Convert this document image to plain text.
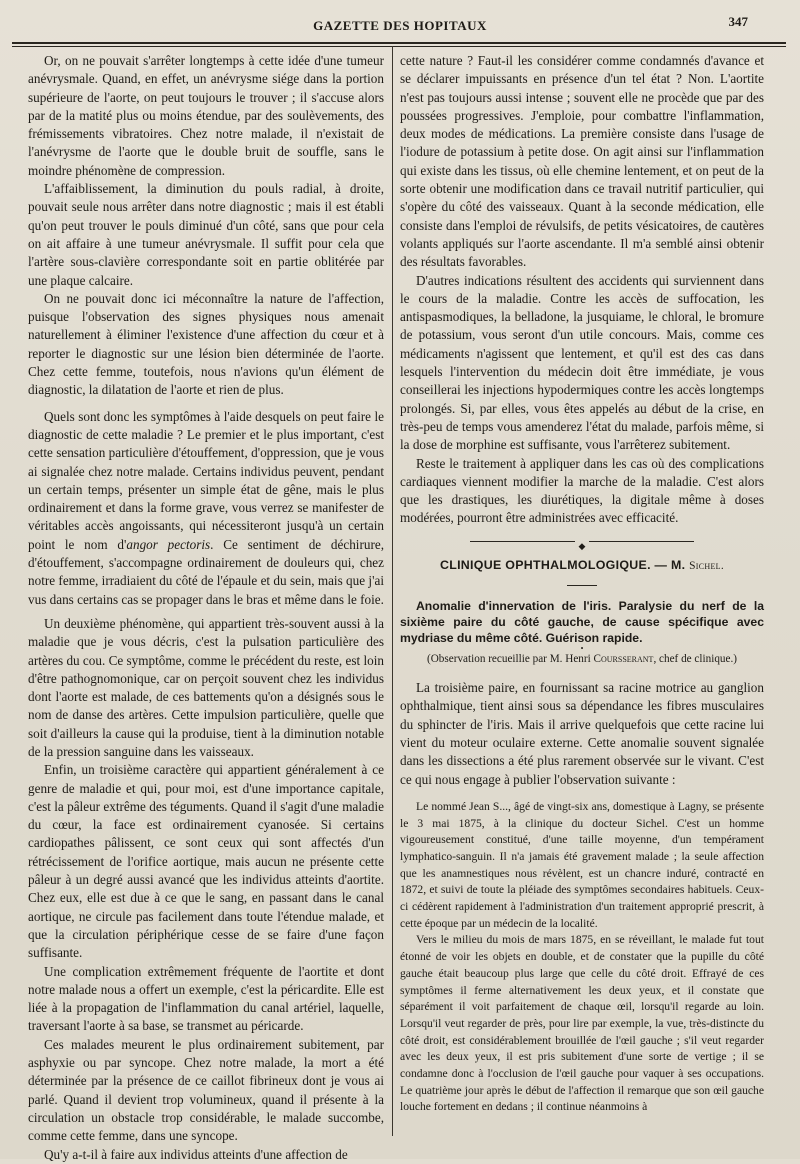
GAZETTE DES HOPITAUX	347

Or, on ne pouvait s'arrêter longtemps à cette idée d'une tumeur anévrysmale. Quand, en effet, un anévrysme siége dans la portion supérieure de l'aorte, on peut toujours le trouver ; il s'accuse alors par de la matité plus ou moins étendue, par des soulèvements, des frémissements vibratoires. Chez notre malade, il n'existait de l'anévrysme de l'aorte que le double bruit de souffle, sans le moindre phénomène de compression.

L'affaiblissement, la diminution du pouls radial, à droite, pouvait seule nous arrêter dans notre diagnostic ; mais il est établi qu'on peut trouver le pouls diminué d'un côté, sans que pour cela on ait affaire à une tumeur anévrysmale. Il suffit pour cela que l'artère sous-clavière correspondante soit en partie oblitérée par une plaque calcaire.

On ne pouvait donc ici méconnaître la nature de l'affection, puisque l'observation des signes physiques nous amenait naturellement à éliminer l'existence d'une affection du cœur et à reporter le diagnostic sur une lésion bien déterminée de l'aorte. Chez cette femme, toutefois, nous n'avions qu'un élément de diagnostic, la dilatation de l'aorte et rien de plus.

Quels sont donc les symptômes à l'aide desquels on peut faire le diagnostic de cette maladie ? Le premier et le plus important, c'est cette sensation particulière d'étouffement, d'oppression, que je vous ai signalée chez notre malade. Certains individus peuvent, pendant un certain temps, présenter un simple état de gêne, mais le plus ordinairement et dans la forme grave, vous verrez se manifester de véritables accès angoissants, qui nécessiteront jusqu'à un certain point le nom d'angor pectoris. Ce sentiment de déchirure, d'étouffement, s'accompagne ordinairement de douleurs qui, chez notre femme, irradiaient du côté de l'épaule et du sein, mais que j'ai vus dans certains cas se propager dans le bras et même dans le foie.

Un deuxième phénomène, qui appartient très-souvent aussi à la maladie que je vous décris, c'est la pulsation particulière des artères du cou. Ce symptôme, comme le précédent du reste, est loin d'être pathognomonique, car on perçoit souvent chez les individus dont l'aorte est malade, de ces battements qu'on a désignés sous le nom de danse des artères. Cette impulsion particulière, quelle que soit d'ailleurs la cause qui la produise, tient à la diminution notable de la pression sanguine dans les vaisseaux.

Enfin, un troisième caractère qui appartient généralement à ce genre de maladie et qui, pour moi, est d'une importance capitale, c'est la pâleur extrême des téguments. Quand il s'agit d'une maladie du cœur, la face est ordinairement cyanosée. Si certains cardiopathes pâlissent, ce sont ceux qui sont affectés d'un rétrécissement de l'orifice aortique, mais aucun ne présente cette pâleur à un degré aussi avancé que les individus atteints d'aortite. Chez eux, elle est due à ce que le sang, en passant dans le canal aortique, ne circule pas facilement dans toute l'étendue malade, et que la circulation périphérique cesse de se faire d'une façon suffisante.

Une complication extrêmement fréquente de l'aortite et dont notre malade nous a offert un exemple, c'est la péricardite. Elle est liée à la propagation de l'inflammation du canal artériel, laquelle, traversant l'aorte à sa base, se transmet au péricarde.

Ces malades meurent le plus ordinairement subitement, par asphyxie ou par syncope. Chez notre malade, la mort a été déterminée par la présence de ce caillot fibrineux dont je vous ai parlé. Quand il devient trop volumineux, quand il présente à la circulation un obstacle trop considérable, le malade succombe, comme cette femme, dans une syncope.

Qu'y a-t-il à faire aux individus atteints d'une affection de

cette nature ? Faut-il les considérer comme condamnés d'avance et se déclarer impuissants en présence d'un tel état ? Non. L'aortite n'est pas toujours aussi intense ; souvent elle ne procède que par des poussées progressives. J'emploie, pour combattre l'inflammation, deux modes de médications. La première consiste dans l'usage de l'iodure de potassium à petite dose. On agit ainsi sur l'inflammation qui existe dans les tissus, où elle chemine lentement, et on peut de la sorte obtenir une modification dans ce travail nutritif particulier, qui s'opère du côté des vaisseaux. Quant à la seconde médication, elle consiste dans l'emploi de révulsifs, de petits vésicatoires, de cautères volants appliqués sur l'aorte ascendante. Il m'a semblé ainsi obtenir des résultats favorables.

D'autres indications résultent des accidents qui surviennent dans le cours de la maladie. Contre les accès de suffocation, les antispasmodiques, la belladone, la jusquiame, le chloral, le bromure de potassium, vous seront d'un utile concours. Mais, comme ces médicaments n'agissent que lentement, et qu'il est des cas dans lesquels l'intervention du médecin doit être immédiate, je vous conseillerai les injections hypodermiques contre les accès longtemps prolongés. Si, par elles, vous êtes appelés au début de la crise, en très-peu de temps vous amenderez l'état du malade, parfois même, si la dose de morphine est suffisante, vous l'arrêterez subitement.

Reste le traitement à appliquer dans les cas où des complications cardiaques viennent modifier la marche de la maladie. C'est alors que les drastiques, les diurétiques, la digitale même à doses modérées, pourront être administrées avec efficacité.

◆
CLINIQUE OPHTHALMOLOGIQUE. — M. Sichel.

Anomalie d'innervation de l'iris. Paralysie du nerf de la sixième paire du côté gauche, de cause spécifique avec mydriase du même côté. Guérison rapide.

•
(Observation recueillie par M. Henri Coursserant, chef de clinique.)

La troisième paire, en fournissant sa racine motrice au ganglion ophthalmique, tient ainsi sous sa dépendance les fibres musculaires du sphincter de l'iris. Mais il arrive quelquefois que cette racine lui vient du moteur oculaire externe. Cette anomalie souvent signalée dans les dissections a été plus rarement observée sur le vivant. C'est ce qui nous engage à publier l'observation suivante :

Le nommé Jean S..., âgé de vingt-six ans, domestique à Lagny, se présente le 3 mai 1875, à la clinique du docteur Sichel. C'est un homme vigoureusement constitué, d'une taille moyenne, d'un tempérament lymphatico-sanguin. Il n'a jamais été gravement malade ; la seule affection que les anamnestiques nous révèlent, est un chancre induré, contracté en 1872, et suivi de toute la pléiade des symptômes secondaires habituels. Ceux-ci cédèrent rapidement à l'administration d'un traitement approprié prescrit, à cette époque par un médecin de la localité.

Vers le milieu du mois de mars 1875, en se réveillant, le malade fut tout étonné de voir les objets en double, et de constater que la pupille du côté gauche était beaucoup plus large que celle du côté droit. Effrayé de ces symptômes il ferme alternativement les deux yeux, et il constate que séparément il voit parfaitement de chaque œil, lorsqu'il regarde au loin. Lorsqu'il veut regarder de près, pour lire par exemple, la vue, très-distincte du côté droit, est considérablement brouillée de l'œil gauche ; s'il veut regarder avec les deux yeux, il est pris subitement d'une sorte de vertige ; il se condamne donc à l'occlusion de l'œil gauche pour vaquer à ses occupations. Le quatrième jour après le début de l'affection il remarque que son œil gauche louche fortement en dedans ; il continue néanmoins à
